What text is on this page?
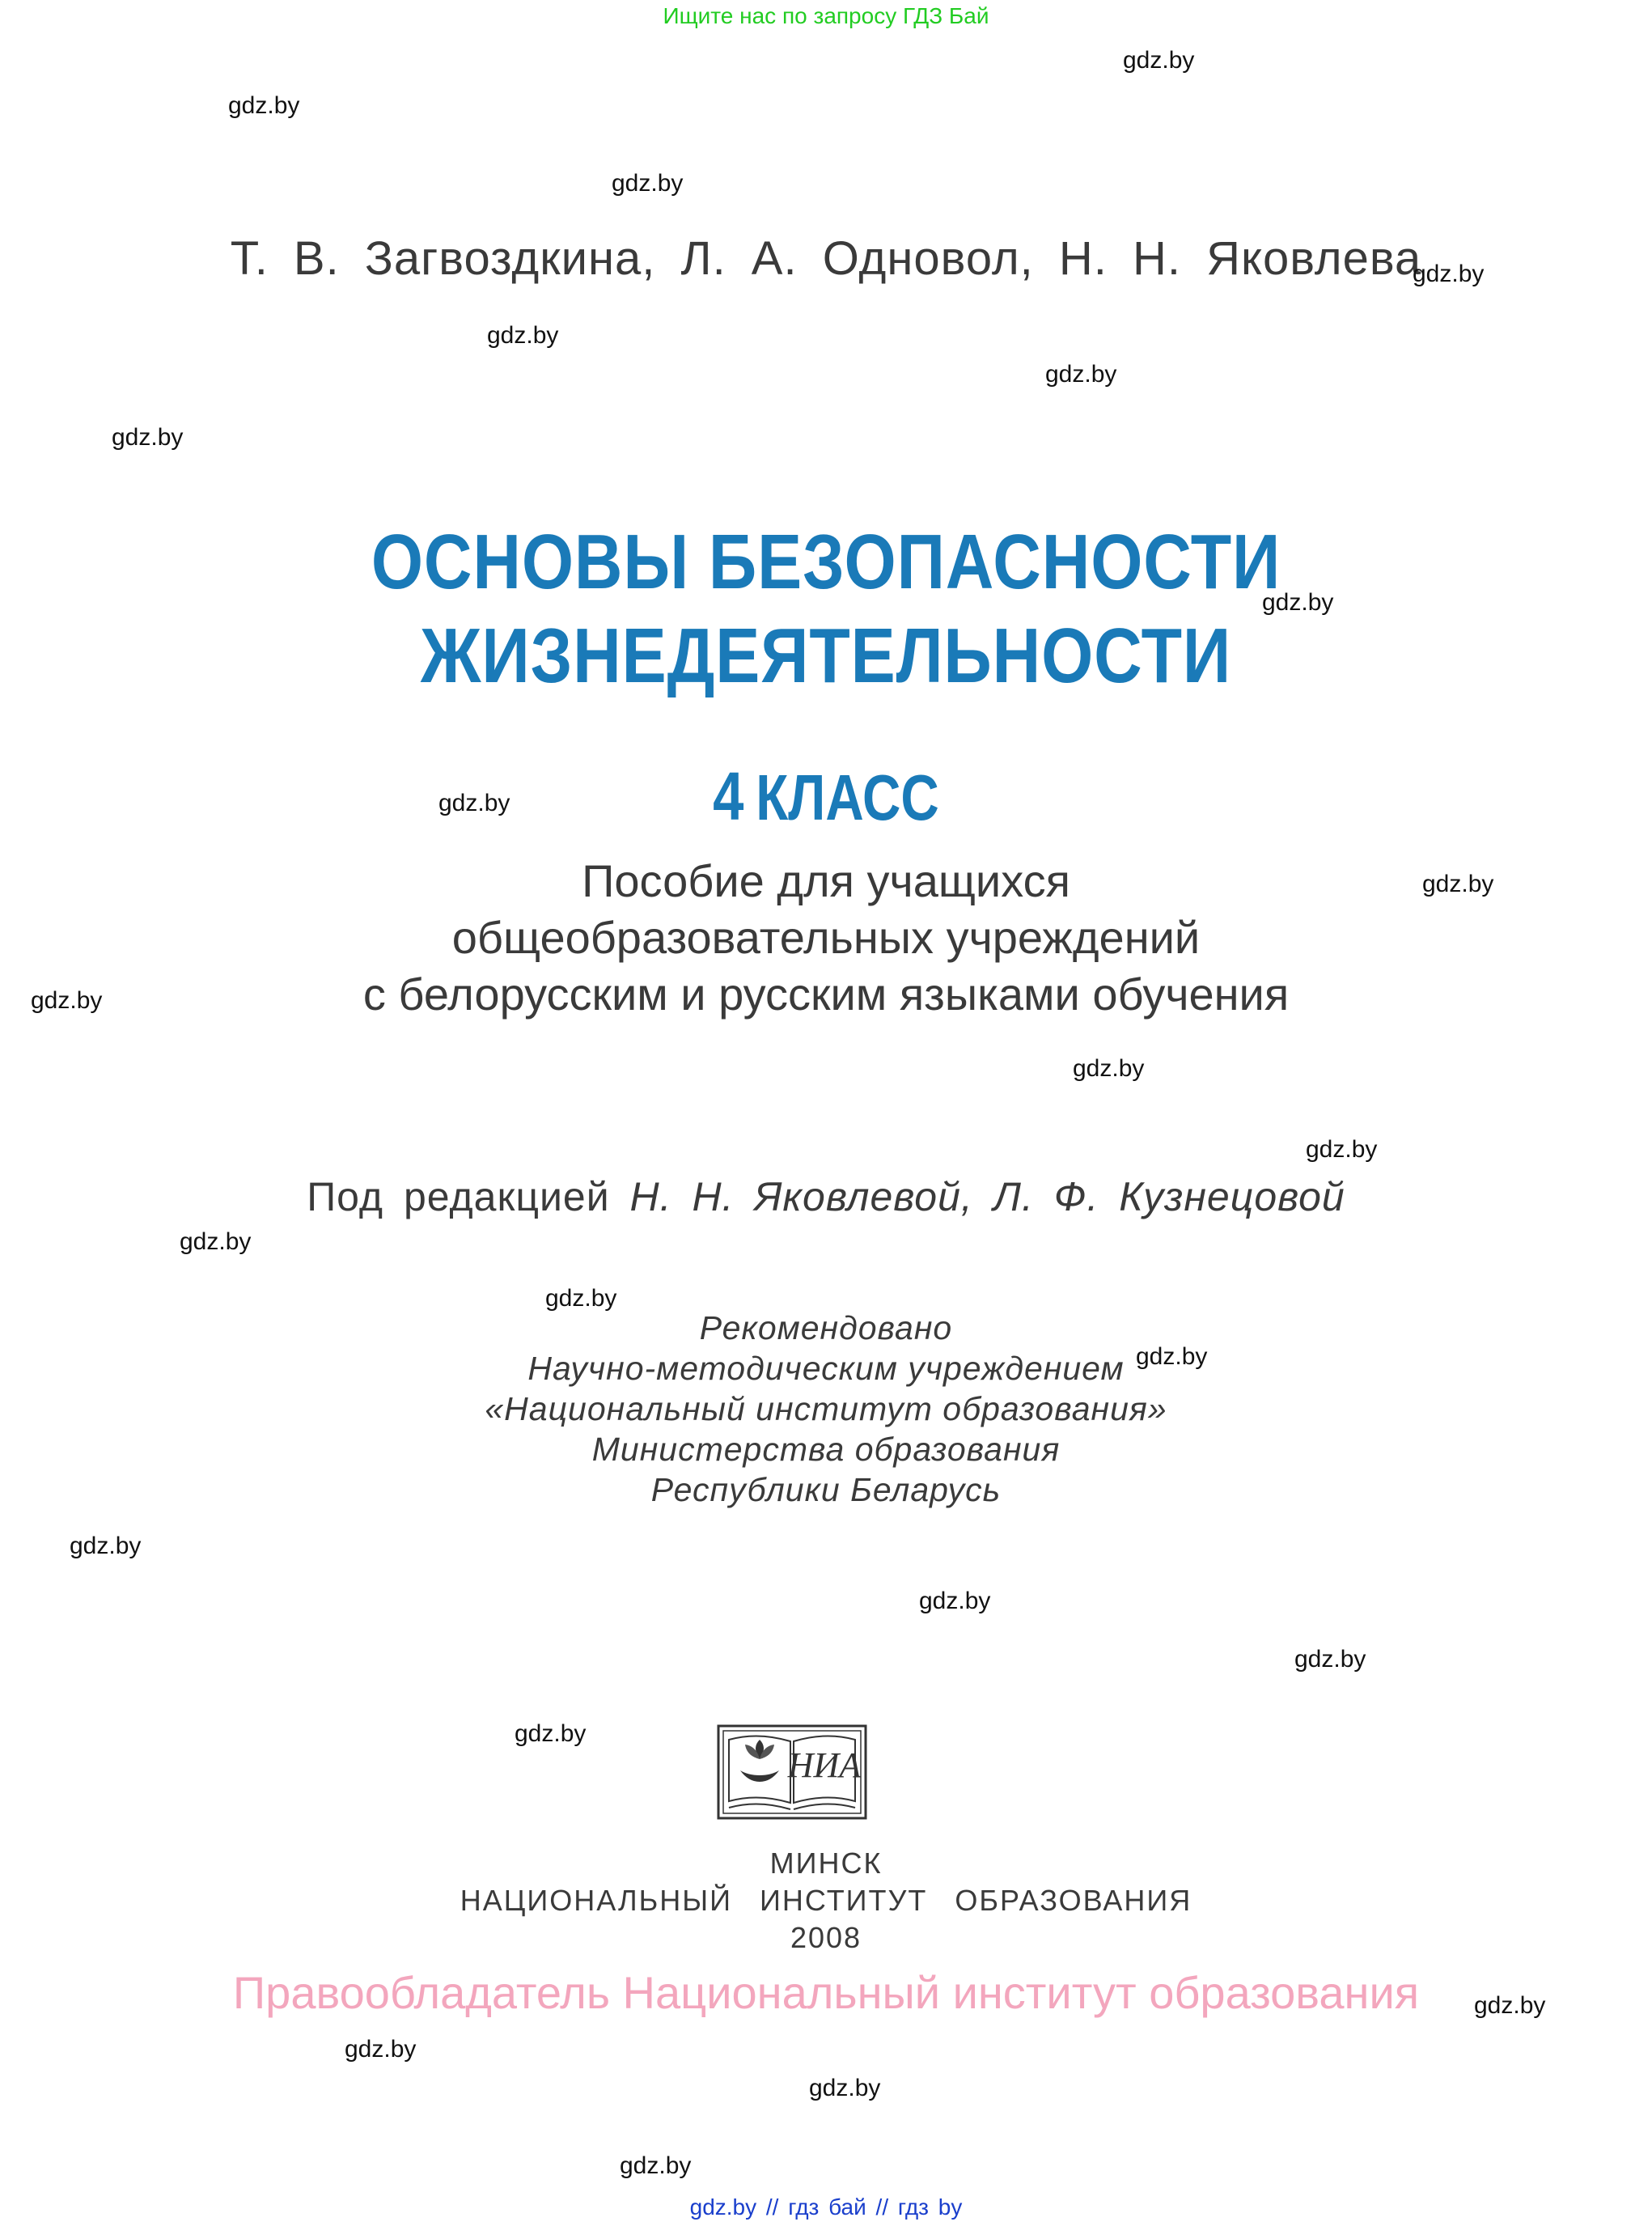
Ищите нас по запросу ГДЗ Бай
Т. В. Загвоздкина, Л. А. Одновол, Н. Н. Яковлева
ОСНОВЫ БЕЗОПАСНОСТИ
ЖИЗНЕДЕЯТЕЛЬНОСТИ
4 КЛАСС
Пособие для учащихся
общеобразовательных учреждений
с белорусским и русским языками обучения
Под редакцией Н. Н. Яковлевой, Л. Ф. Кузнецовой
Рекомендовано
Научно-методическим учреждением
«Национальный институт образования»
Министерства образования
Республики Беларусь
НИА
МИНСК
НАЦИОНАЛЬНЫЙ ИНСТИТУТ ОБРАЗОВАНИЯ
2008
Правообладатель Национальный институт образования
gdz.by // гдз бай // гдз by
gdz.by
gdz.by
gdz.by
gdz.by
gdz.by
gdz.by
gdz.by
gdz.by
gdz.by
gdz.by
gdz.by
gdz.by
gdz.by
gdz.by
gdz.by
gdz.by
gdz.by
gdz.by
gdz.by
gdz.by
gdz.by
gdz.by
gdz.by
gdz.by
